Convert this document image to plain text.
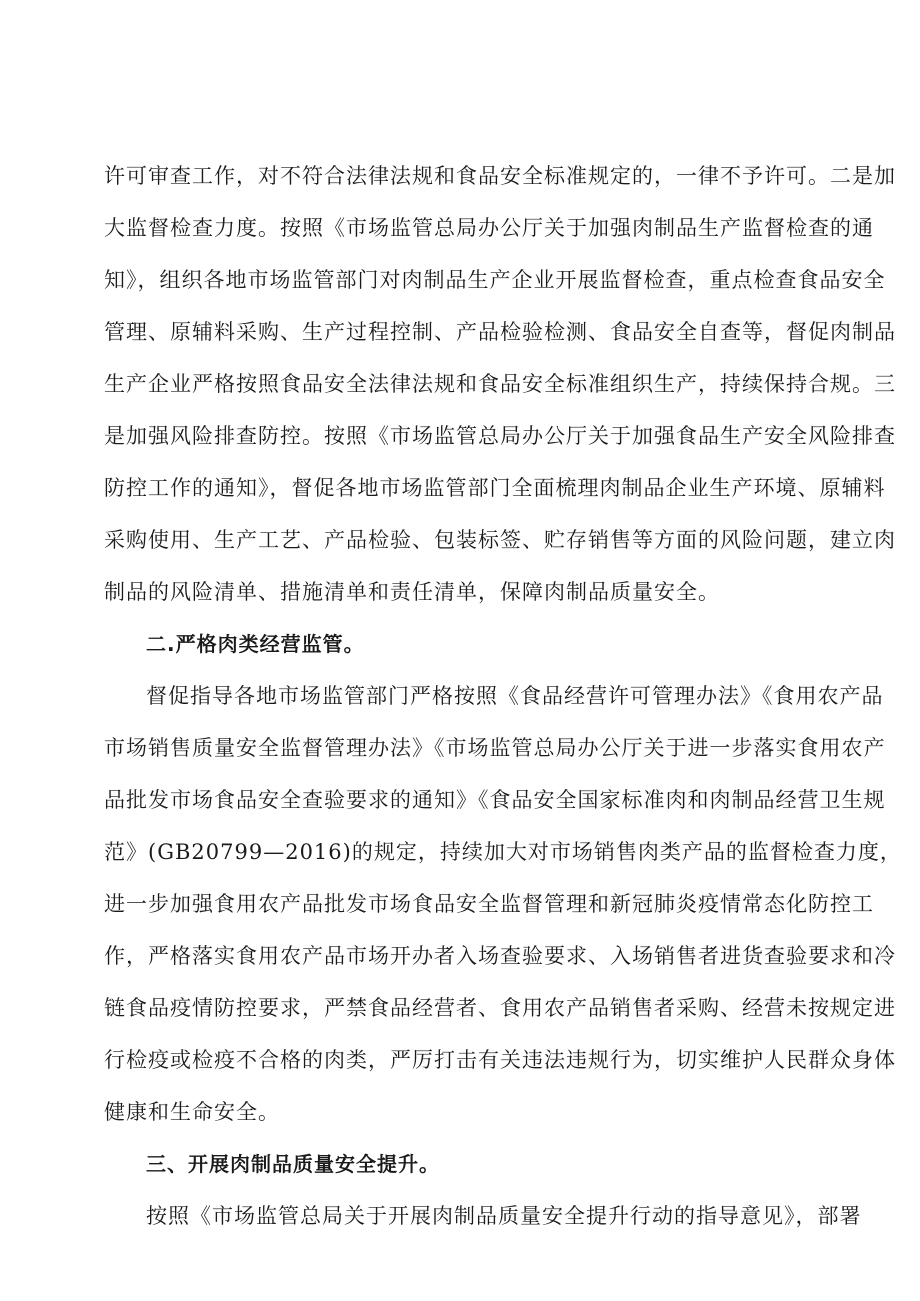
许可审查工作，对不符合法律法规和食品安全标准规定的，一律不予许可。二是加
大监督检查力度。按照《市场监管总局办公厅关于加强肉制品生产监督检查的通
知》，组织各地市场监管部门对肉制品生产企业开展监督检查，重点检查食品安全
管理、原辅料采购、生产过程控制、产品检验检测、食品安全自查等，督促肉制品
生产企业严格按照食品安全法律法规和食品安全标准组织生产，持续保持合规。三
是加强风险排查防控。按照《市场监管总局办公厅关于加强食品生产安全风险排查
防控工作的通知》，督促各地市场监管部门全面梳理肉制品企业生产环境、原辅料
采购使用、生产工艺、产品检验、包装标签、贮存销售等方面的风险问题，建立肉
制品的风险清单、措施清单和责任清单，保障肉制品质量安全。
二.严格肉类经营监管。
督促指导各地市场监管部门严格按照《食品经营许可管理办法》《食用农产品
市场销售质量安全监督管理办法》《市场监管总局办公厅关于进一步落实食用农产
品批发市场食品安全查验要求的通知》《食品安全国家标准肉和肉制品经营卫生规
范》(GB20799—2016)的规定，持续加大对市场销售肉类产品的监督检查力度，
进一步加强食用农产品批发市场食品安全监督管理和新冠肺炎疫情常态化防控工
作，严格落实食用农产品市场开办者入场查验要求、入场销售者进货查验要求和冷
链食品疫情防控要求，严禁食品经营者、食用农产品销售者采购、经营未按规定进
行检疫或检疫不合格的肉类，严厉打击有关违法违规行为，切实维护人民群众身体
健康和生命安全。
三、开展肉制品质量安全提升。
按照《市场监管总局关于开展肉制品质量安全提升行动的指导意见》，部署
